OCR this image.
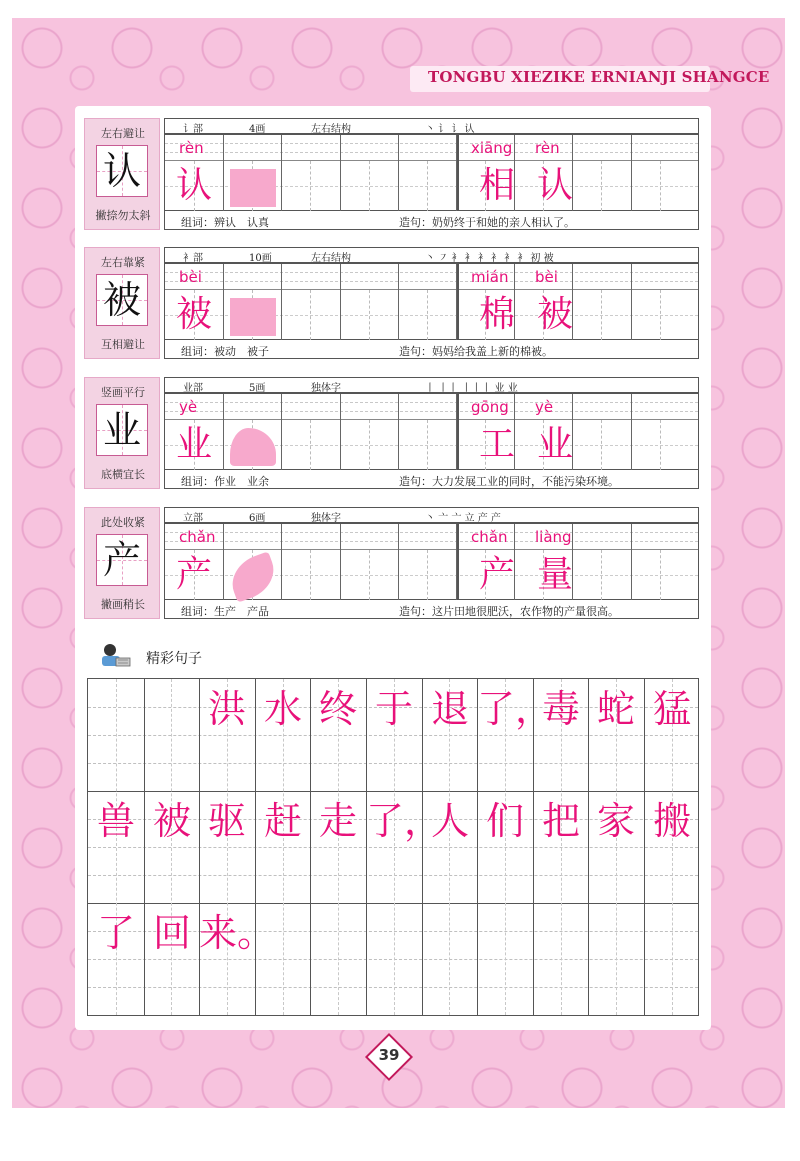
TONGBU XIEZIKE ERNIANJI SHANGCE
左右避让
认
撇捺勿太斜
讠部	4画	左右结构	丶 讠 讠 认
rèn
认
xiāng rèn
相 认
组词：辨认　认真	造句：奶奶终于和她的亲人相认了。
左右靠紧
被
互相避让
衤部	10画	左右结构	丶 ㇇ 衤 衤 衤 衤 衤 衤 初 被
bèi
被
mián bèi
棉 被
组词：被动　被子	造句：妈妈给我盖上新的棉被。
竖画平行
业
底横宜长
业部	5画	独体字	丨 丨丨 丨丨丨 业 业
yè
业
gōng yè
工 业
组词：作业　业余	造句：大力发展工业的同时，不能污染环境。
此处收紧
产
撇画稍长
立部	6画	独体字	丶 亠 亠 立 产 产
chǎn
产
chǎn liàng
产 量
组词：生产　产品	造句：这片田地很肥沃，农作物的产量很高。
精彩句子
洪 水 终 于 退 了，
毒 蛇 猛
兽 被 驱 赶 走 了，
人 们 把 家 搬
了 回 来。
39
